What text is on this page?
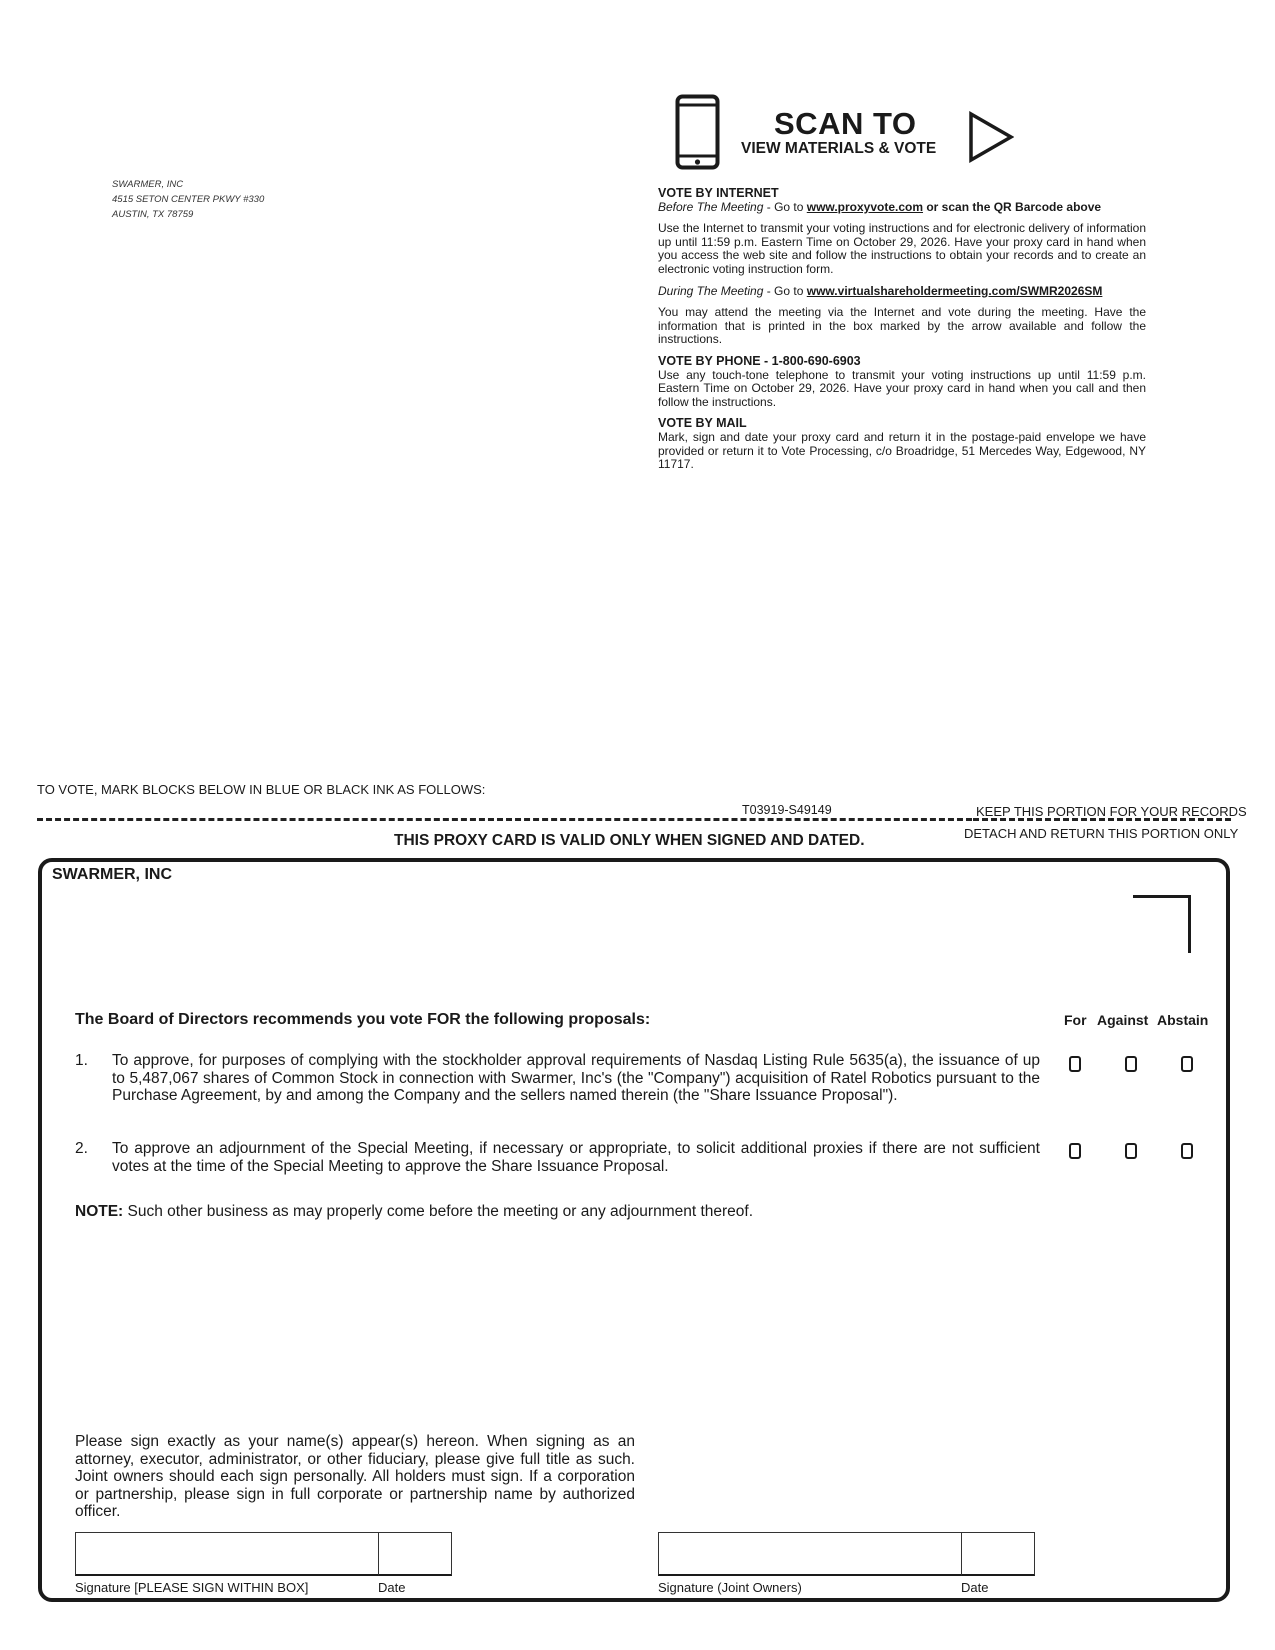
SWARMER, INC
4515 SETON CENTER PKWY #330
AUSTIN, TX 78759
SCAN TO
VIEW MATERIALS & VOTE
VOTE BY INTERNET

Before The Meeting - Go to www.proxyvote.com or scan the QR Barcode above

Use the Internet to transmit your voting instructions and for electronic delivery of information up until 11:59 p.m. Eastern Time on October 29, 2026. Have your proxy card in hand when you access the web site and follow the instructions to obtain your records and to create an electronic voting instruction form.

During The Meeting - Go to www.virtualshareholdermeeting.com/SWMR2026SM

You may attend the meeting via the Internet and vote during the meeting. Have the information that is printed in the box marked by the arrow available and follow the instructions.

VOTE BY PHONE - 1-800-690-6903

Use any touch-tone telephone to transmit your voting instructions up until 11:59 p.m. Eastern Time on October 29, 2026. Have your proxy card in hand when you call and then follow the instructions.

VOTE BY MAIL

Mark, sign and date your proxy card and return it in the postage-paid envelope we have provided or return it to Vote Processing, c/o Broadridge, 51 Mercedes Way, Edgewood, NY 11717.

TO VOTE, MARK BLOCKS BELOW IN BLUE OR BLACK INK AS FOLLOWS:
T03919-S49149	KEEP THIS PORTION FOR YOUR RECORDS
DETACH AND RETURN THIS PORTION ONLY
THIS PROXY CARD IS VALID ONLY WHEN SIGNED AND DATED.
SWARMER, INC
The Board of Directors recommends you vote FOR the following proposals:	For Against Abstain
1. To approve, for purposes of complying with the stockholder approval requirements of Nasdaq Listing Rule 5635(a), the issuance of up to 5,487,067 shares of Common Stock in connection with Swarmer, Inc's (the "Company") acquisition of Ratel Robotics pursuant to the Purchase Agreement, by and among the Company and the sellers named therein (the "Share Issuance Proposal").
2. To approve an adjournment of the Special Meeting, if necessary or appropriate, to solicit additional proxies if there are not sufficient votes at the time of the Special Meeting to approve the Share Issuance Proposal.
NOTE: Such other business as may properly come before the meeting or any adjournment thereof.
Please sign exactly as your name(s) appear(s) hereon. When signing as an attorney, executor, administrator, or other fiduciary, please give full title as such. Joint owners should each sign personally. All holders must sign. If a corporation or partnership, please sign in full corporate or partnership name by authorized officer.
Signature [PLEASE SIGN WITHIN BOX]	Date	Signature (Joint Owners)	Date
